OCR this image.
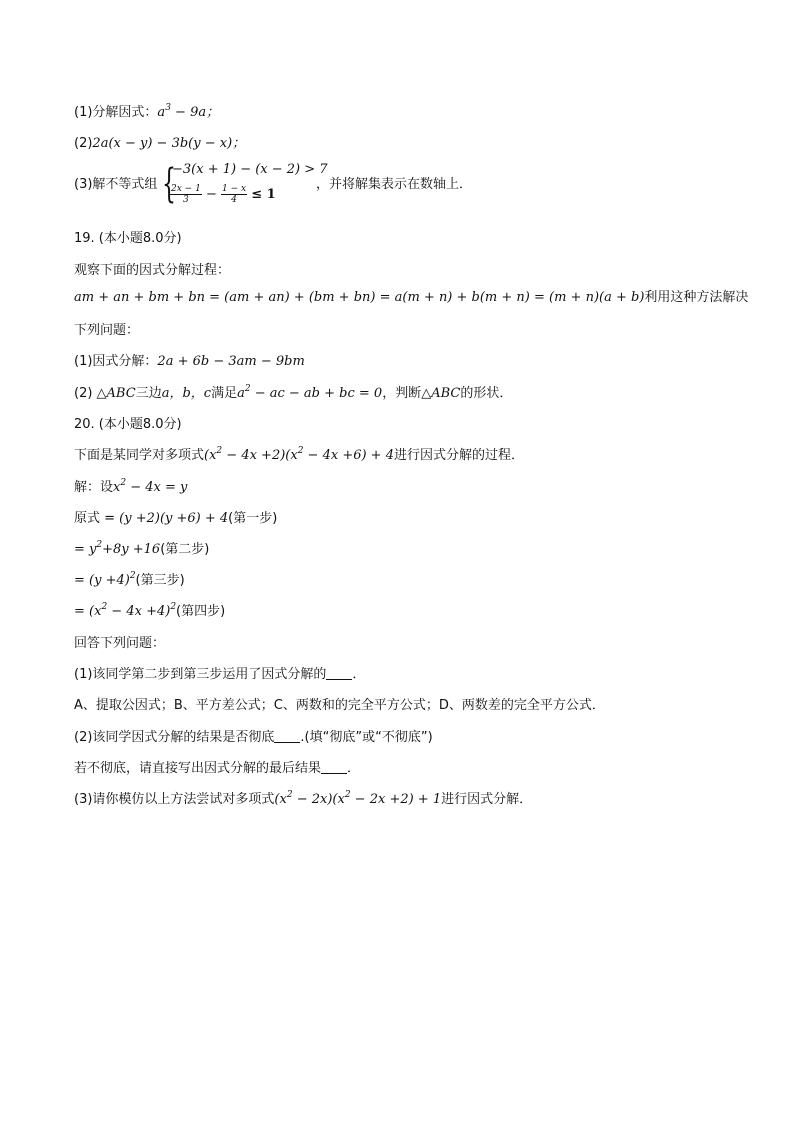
(1)分解因式：$a^3 - 9a$；
(2)2a(x − y) − 3b(y − x)；
(3)解不等式组 {
−3(x + 1) − (x − 2) > 7
$\frac{2x - 1}{3} - \frac{1 - x}{4} \le 1$
，并将解集表示在数轴上．
19. (本小题8.0分)
观察下面的因式分解过程：
am + an + bm + bn = (am + an) + (bm + bn) = a(m + n) + b(m + n) = (m + n)(a + b)利用这种方法解决
下列问题：
(1)因式分解：2a + 6b − 3am − 9bm
(2) △ABC三边a，b，c满足$a^2$ − ac − ab + bc = 0，判断△ABC的形状．
20. (本小题8.0分)
下面是某同学对多项式$(x^2 - 4x +2)(x^2 - 4x +6) + 4$进行因式分解的过程．
解：设$x^2 - 4x = y$
原式 = (y +2)(y +6) + 4(第一步)
= $y^2+8y +16$(第二步)
= $(y +4)^2$(第三步)
= $(x^2 - 4x +4)^2$(第四步)
回答下列问题：
(1)该同学第二步到第三步运用了因式分解的 ．
A、提取公因式；B、平方差公式；C、两数和的完全平方公式；D、两数差的完全平方公式．
(2)该同学因式分解的结果是否彻底 .(填“彻底”或“不彻底”)
若不彻底，请直接写出因式分解的最后结果 ．
(3)请你模仿以上方法尝试对多项式$(x^2 - 2x)(x^2 - 2x +2) + 1$进行因式分解．
